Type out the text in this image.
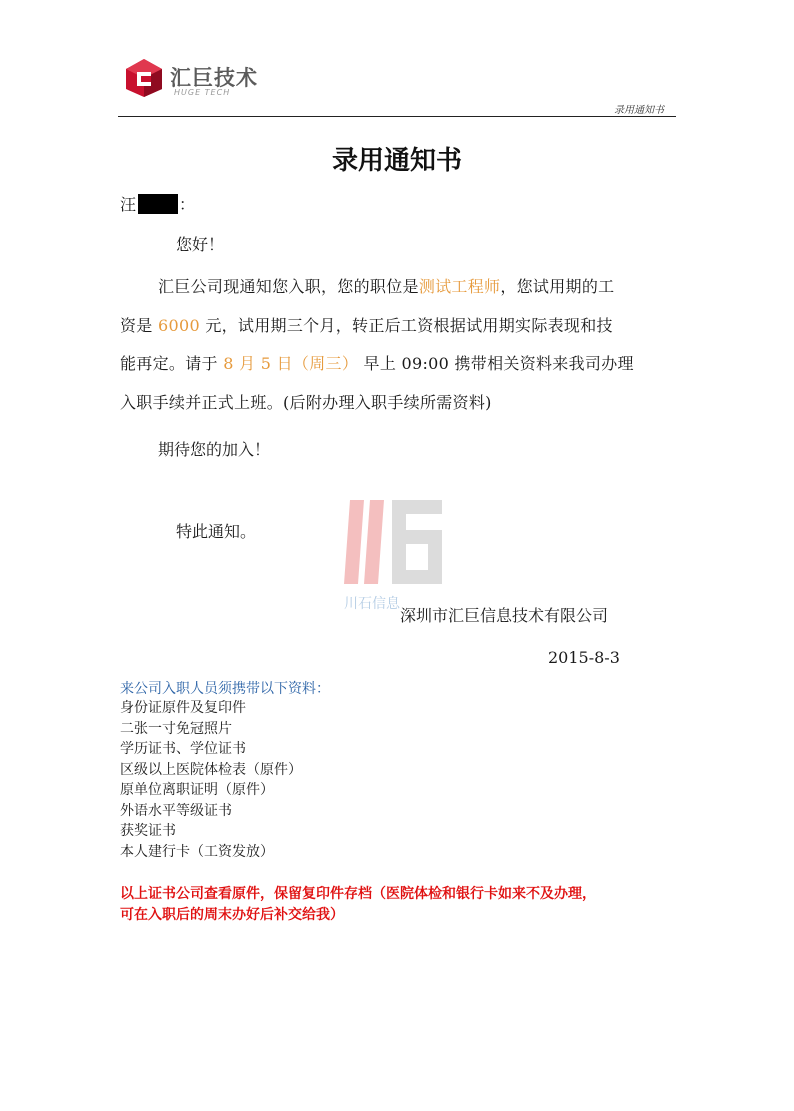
汇巨技术
HUGE TECH
录用通知书
录用通知书
汪	：
您好！
汇巨公司现通知您入职，您的职位是测试工程师，您试用期的工
资是 6000 元，试用期三个月，转正后工资根据试用期实际表现和技
能再定。请于 8 月 5 日（周三） 早上 09:00 携带相关资料来我司办理
入职手续并正式上班。(后附办理入职手续所需资料)
期待您的加入！
特此通知。
川石信息
深圳市汇巨信息技术有限公司
2015-8-3
来公司入职人员须携带以下资料：
身份证原件及复印件
二张一寸免冠照片
学历证书、学位证书
区级以上医院体检表（原件）
原单位离职证明（原件）
外语水平等级证书
获奖证书
本人建行卡（工资发放）
以上证书公司查看原件，保留复印件存档（医院体检和银行卡如来不及办理，
可在入职后的周末办好后补交给我）
